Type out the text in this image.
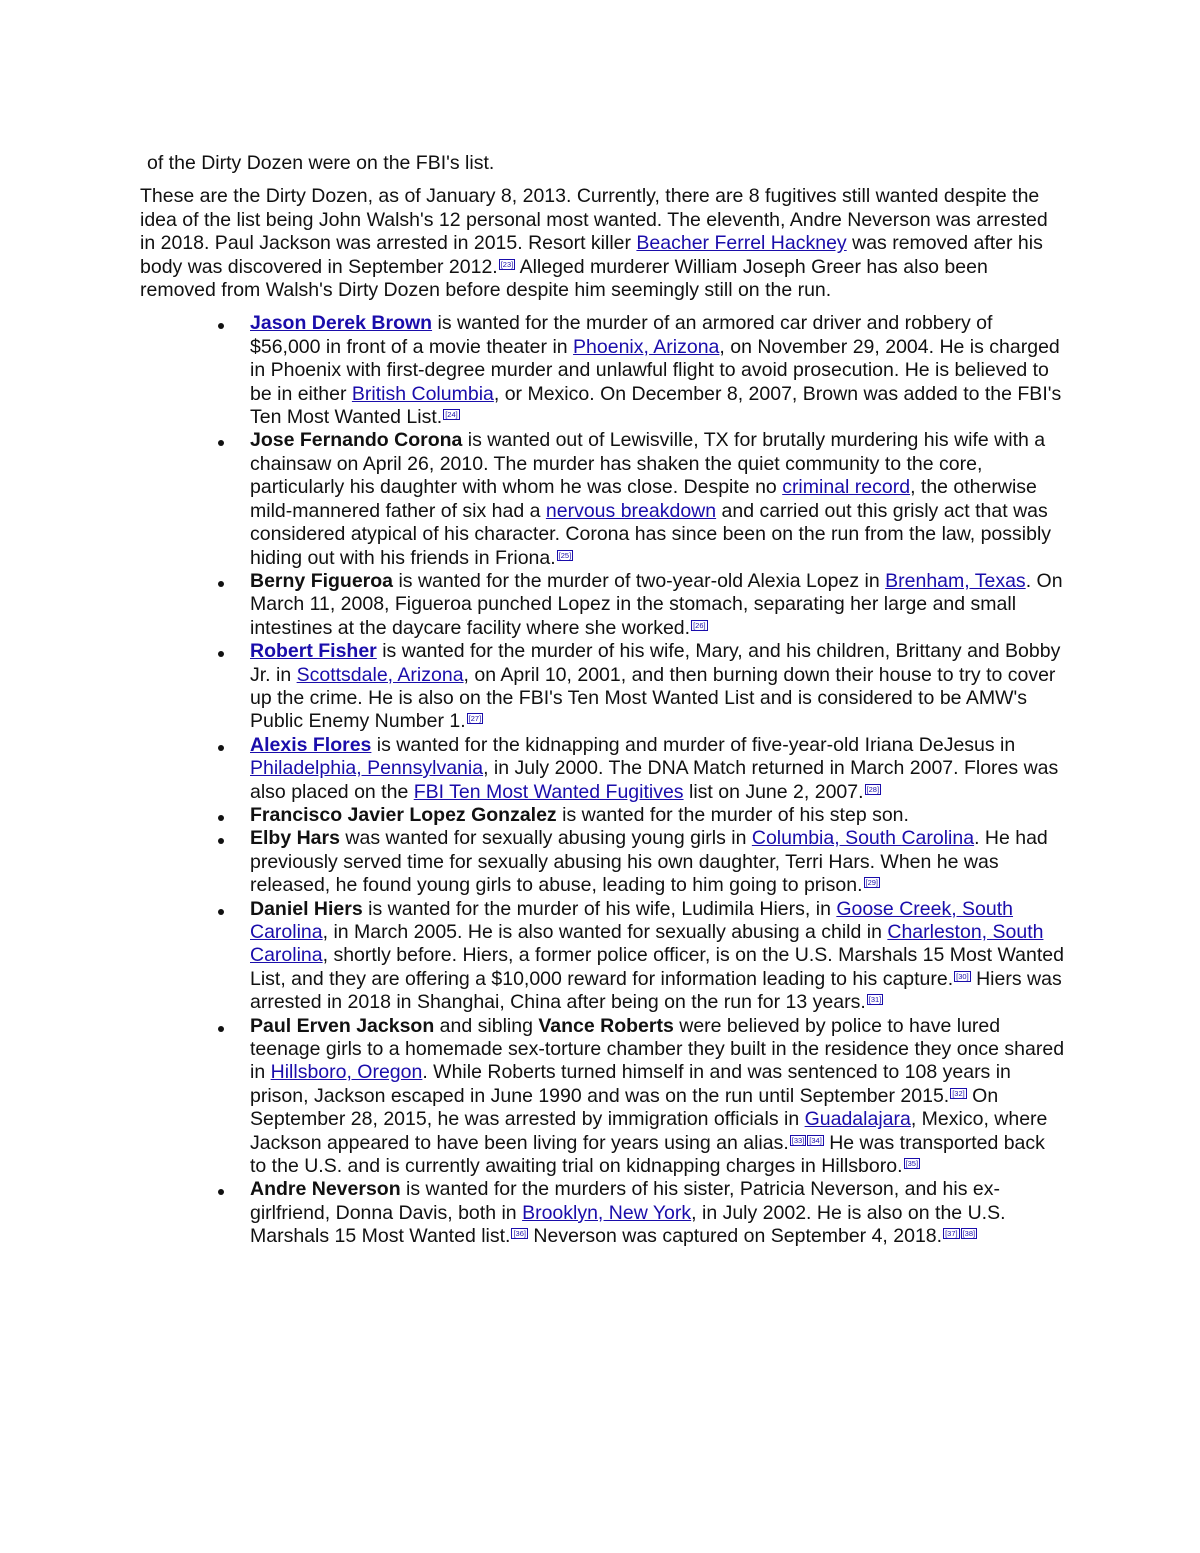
of the Dirty Dozen were on the FBI's list.

These are the Dirty Dozen, as of January 8, 2013. Currently, there are 8 fugitives still wanted despite the idea of the list being John Walsh's 12 personal most wanted. The eleventh, Andre Neverson was arrested in 2018. Paul Jackson was arrested in 2015. Resort killer Beacher Ferrel Hackney was removed after his body was discovered in September 2012. [23] Alleged murderer William Joseph Greer has also been removed from Walsh's Dirty Dozen before despite him seemingly still on the run.

Jason Derek Brown is wanted for the murder of an armored car driver and robbery of $56,000 in front of a movie theater in Phoenix, Arizona, on November 29, 2004. He is charged in Phoenix with first-degree murder and unlawful flight to avoid prosecution. He is believed to be in either British Columbia, or Mexico. On December 8, 2007, Brown was added to the FBI's Ten Most Wanted List. [24]
Jose Fernando Corona is wanted out of Lewisville, TX for brutally murdering his wife with a chainsaw on April 26, 2010. The murder has shaken the quiet community to the core, particularly his daughter with whom he was close. Despite no criminal record, the otherwise mild-mannered father of six had a nervous breakdown and carried out this grisly act that was considered atypical of his character. Corona has since been on the run from the law, possibly hiding out with his friends in Friona. [25]
Berny Figueroa is wanted for the murder of two-year-old Alexia Lopez in Brenham, Texas. On March 11, 2008, Figueroa punched Lopez in the stomach, separating her large and small intestines at the daycare facility where she worked. [26]
Robert Fisher is wanted for the murder of his wife, Mary, and his children, Brittany and Bobby Jr. in Scottsdale, Arizona, on April 10, 2001, and then burning down their house to try to cover up the crime. He is also on the FBI's Ten Most Wanted List and is considered to be AMW's Public Enemy Number 1. [27]
Alexis Flores is wanted for the kidnapping and murder of five-year-old Iriana DeJesus in Philadelphia, Pennsylvania, in July 2000. The DNA Match returned in March 2007. Flores was also placed on the FBI Ten Most Wanted Fugitives list on June 2, 2007. [28]
Francisco Javier Lopez Gonzalez is wanted for the murder of his step son.
Elby Hars was wanted for sexually abusing young girls in Columbia, South Carolina. He had previously served time for sexually abusing his own daughter, Terri Hars. When he was released, he found young girls to abuse, leading to him going to prison. [29]
Daniel Hiers is wanted for the murder of his wife, Ludimila Hiers, in Goose Creek, South Carolina, in March 2005. He is also wanted for sexually abusing a child in Charleston, South Carolina, shortly before. Hiers, a former police officer, is on the U.S. Marshals 15 Most Wanted List, and they are offering a $10,000 reward for information leading to his capture. [30] Hiers was arrested in 2018 in Shanghai, China after being on the run for 13 years. [31]
Paul Erven Jackson and sibling Vance Roberts were believed by police to have lured teenage girls to a homemade sex-torture chamber they built in the residence they once shared in Hillsboro, Oregon. While Roberts turned himself in and was sentenced to 108 years in prison, Jackson escaped in June 1990 and was on the run until September 2015. [32] On September 28, 2015, he was arrested by immigration officials in Guadalajara, Mexico, where Jackson appeared to have been living for years using an alias. [33] [34] He was transported back to the U.S. and is currently awaiting trial on kidnapping charges in Hillsboro. [35]
Andre Neverson is wanted for the murders of his sister, Patricia Neverson, and his ex-girlfriend, Donna Davis, both in Brooklyn, New York, in July 2002. He is also on the U.S. Marshals 15 Most Wanted list. [36] Neverson was captured on September 4, 2018. [37] [38]
